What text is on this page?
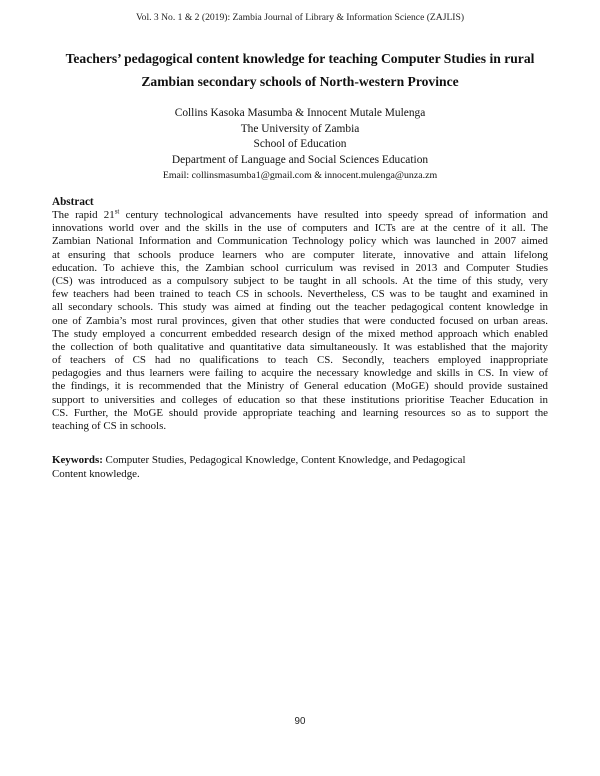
Vol. 3 No. 1 & 2 (2019): Zambia Journal of Library & Information Science (ZAJLIS)
Teachers’ pedagogical content knowledge for teaching Computer Studies in rural
Zambian secondary schools of North-western Province
Collins Kasoka Masumba & Innocent Mutale Mulenga
The University of Zambia
School of Education
Department of Language and Social Sciences Education
Email: collinsmasumba1@gmail.com & innocent.mulenga@unza.zm
Abstract
The rapid 21st century technological advancements have resulted into speedy spread of information and
innovations world over and the skills in the use of computers and ICTs are at the centre of it all. The
Zambian National Information and Communication Technology policy which was launched in 2007 aimed
at ensuring that schools produce learners who are computer literate, innovative and attain lifelong
education. To achieve this, the Zambian school curriculum was revised in 2013 and Computer Studies
(CS) was introduced as a compulsory subject to be taught in all schools. At the time of this study, very
few teachers had been trained to teach CS in schools. Nevertheless, CS was to be taught and examined in
all secondary schools. This study was aimed at finding out the teacher pedagogical content knowledge in
one of Zambia’s most rural provinces, given that other studies that were conducted focused on urban areas.
The study employed a concurrent embedded research design of the mixed method approach which enabled
the collection of both qualitative and quantitative data simultaneously. It was established that the majority
of teachers of CS had no qualifications to teach CS. Secondly, teachers employed inappropriate
pedagogies and thus learners were failing to acquire the necessary knowledge and skills in CS. In view of
the findings, it is recommended that the Ministry of General education (MoGE) should provide sustained
support to universities and colleges of education so that these institutions prioritise Teacher Education in
CS. Further, the MoGE should provide appropriate teaching and learning resources so as to support the
teaching of CS in schools.
Keywords: Computer Studies, Pedagogical Knowledge, Content Knowledge, and Pedagogical
Content knowledge.
90
